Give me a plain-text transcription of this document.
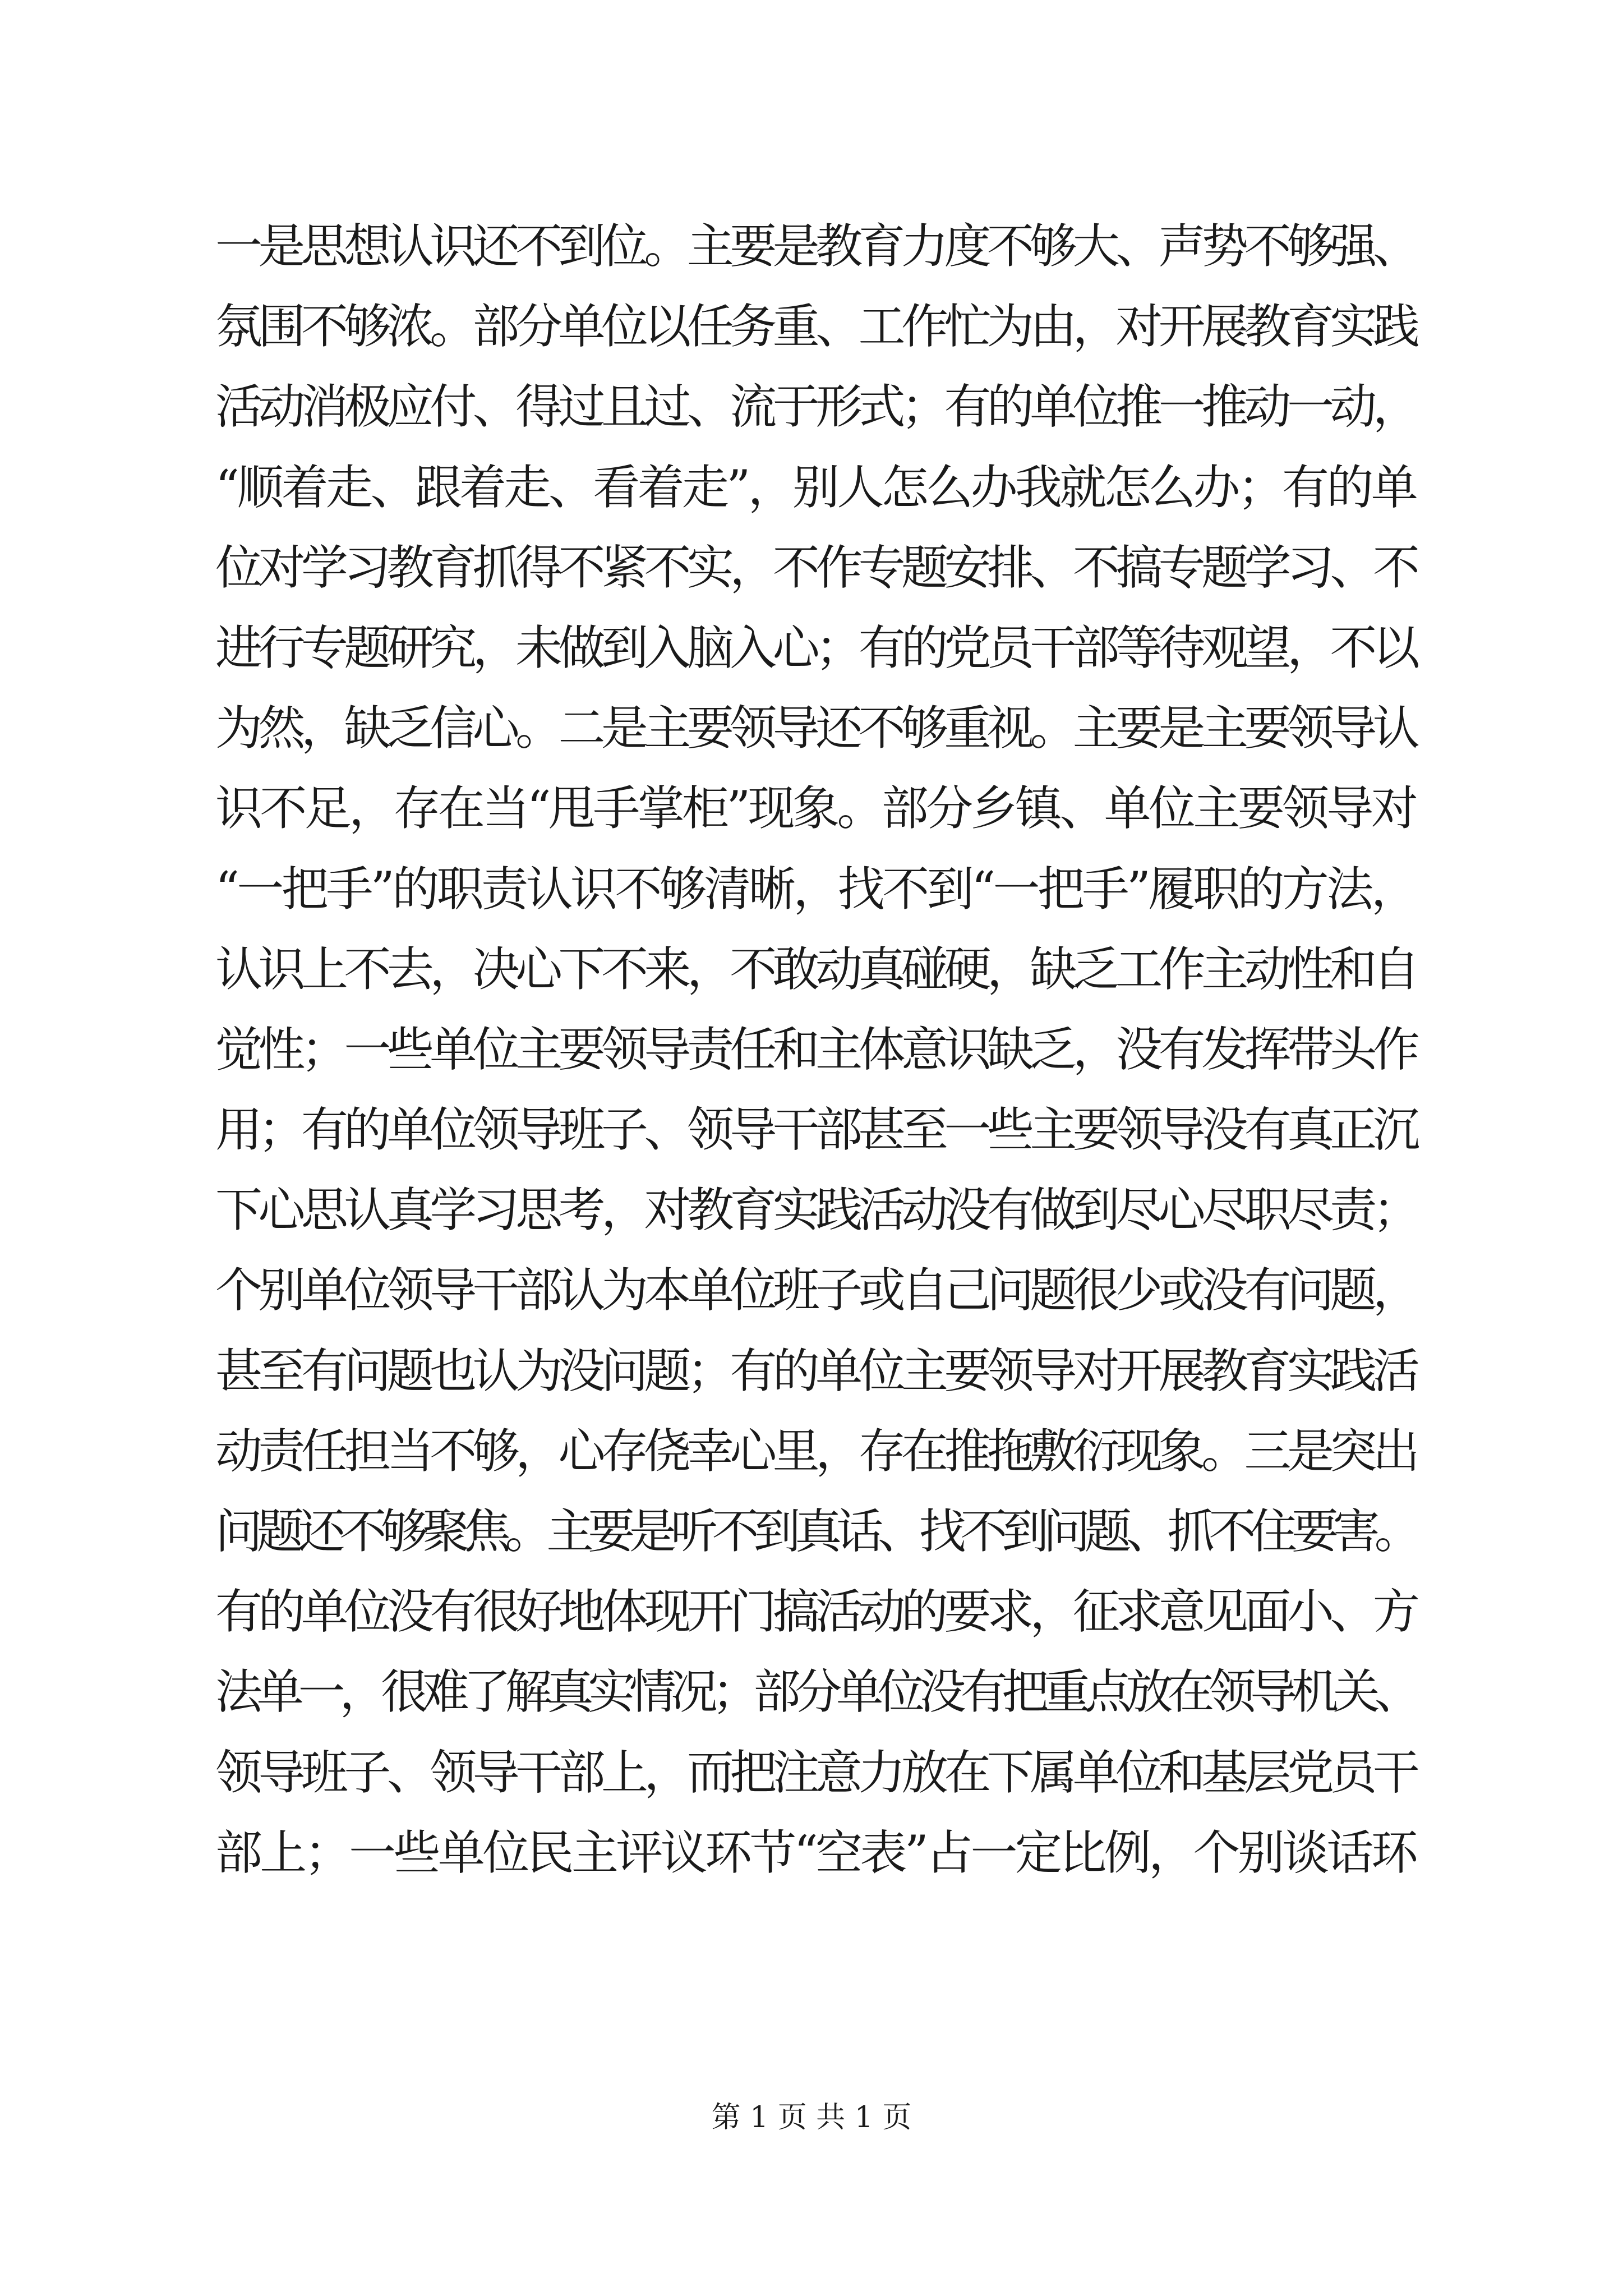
一是思想认识还不到位。主要是教育力度不够大、声势不够强、
氛围不够浓。部分单位以任务重、工作忙为由，对开展教育实践
活动消极应付、得过且过、流于形式；有的单位推一推动一动，
“顺着走、跟着走、看着走”，别人怎么办我就怎么办；有的单
位对学习教育抓得不紧不实，不作专题安排、不搞专题学习、不
进行专题研究，未做到入脑入心；有的党员干部等待观望，不以
为然，缺乏信心。二是主要领导还不够重视。主要是主要领导认
识不足，存在当“甩手掌柜”现象。部分乡镇、单位主要领导对
“一把手”的职责认识不够清晰，找不到“一把手”履职的方法，
认识上不去，决心下不来，不敢动真碰硬，缺乏工作主动性和自
觉性；一些单位主要领导责任和主体意识缺乏，没有发挥带头作
用；有的单位领导班子、领导干部甚至一些主要领导没有真正沉
下心思认真学习思考，对教育实践活动没有做到尽心尽职尽责；
个别单位领导干部认为本单位班子或自己问题很少或没有问题，
甚至有问题也认为没问题；有的单位主要领导对开展教育实践活
动责任担当不够，心存侥幸心里，存在推拖敷衍现象。三是突出
问题还不够聚焦。主要是听不到真话、找不到问题、抓不住要害。
有的单位没有很好地体现开门搞活动的要求，征求意见面小、方
法单一，很难了解真实情况；部分单位没有把重点放在领导机关、
领导班子、领导干部上，而把注意力放在下属单位和基层党员干
部上；一些单位民主评议环节“空表”占一定比例，个别谈话环
第 1 页 共 1 页
